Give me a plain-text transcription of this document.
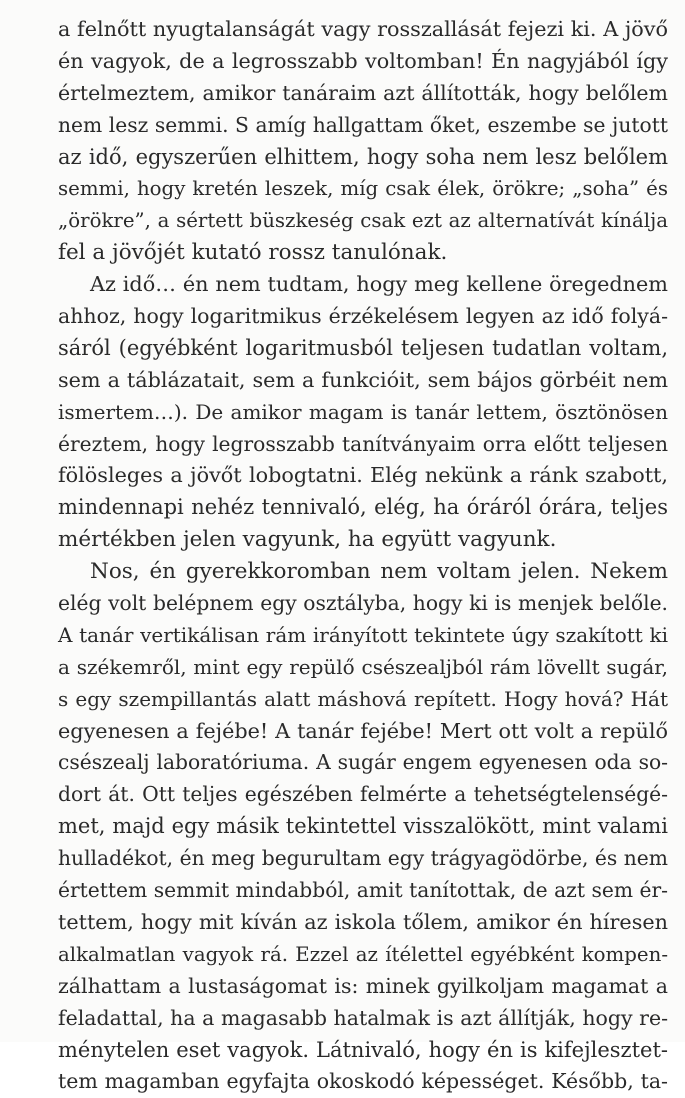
a felnőtt nyugtalanságát vagy rosszallását fejezi ki. A jövő
én vagyok, de a legrosszabb voltomban! Én nagyjából így
értelmeztem, amikor tanáraim azt állították, hogy belőlem
nem lesz semmi. S amíg hallgattam őket, eszembe se jutott
az idő, egyszerűen elhittem, hogy soha nem lesz belőlem
semmi, hogy kretén leszek, míg csak élek, örökre; „soha” és
„örökre”, a sértett büszkeség csak ezt az alternatívát kínálja
fel a jövőjét kutató rossz tanulónak.
Az idő… én nem tudtam, hogy meg kellene öregednem
ahhoz, hogy logaritmikus érzékelésem legyen az idő folyá-
sáról (egyébként logaritmusból teljesen tudatlan voltam,
sem a táblázatait, sem a funkcióit, sem bájos görbéit nem
ismertem…). De amikor magam is tanár lettem, ösztönösen
éreztem, hogy legrosszabb tanítványaim orra előtt teljesen
fölösleges a jövőt lobogtatni. Elég nekünk a ránk szabott,
mindennapi nehéz tennivaló, elég, ha óráról órára, teljes
mértékben jelen vagyunk, ha együtt vagyunk.
Nos, én gyerekkoromban nem voltam jelen. Nekem
elég volt belépnem egy osztályba, hogy ki is menjek belőle.
A tanár vertikálisan rám irányított tekintete úgy szakított ki
a székemről, mint egy repülő csészealjból rám lövellt sugár,
s egy szempillantás alatt máshová repített. Hogy hová? Hát
egyenesen a fejébe! A tanár fejébe! Mert ott volt a repülő
csészealj laboratóriuma. A sugár engem egyenesen oda so-
dort át. Ott teljes egészében felmérte a tehetségtelenségé-
met, majd egy másik tekintettel visszalökött, mint valami
hulladékot, én meg begurultam egy trágyagödörbe, és nem
értettem semmit mindabból, amit tanítottak, de azt sem ér-
tettem, hogy mit kíván az iskola tőlem, amikor én híresen
alkalmatlan vagyok rá. Ezzel az ítélettel egyébként kompen-
zálhattam a lustaságomat is: minek gyilkoljam magamat a
feladattal, ha a magasabb hatalmak is azt állítják, hogy re-
ménytelen eset vagyok. Látnivaló, hogy én is kifejlesztet-
tem magamban egyfajta okoskodó képességet. Később, ta-
